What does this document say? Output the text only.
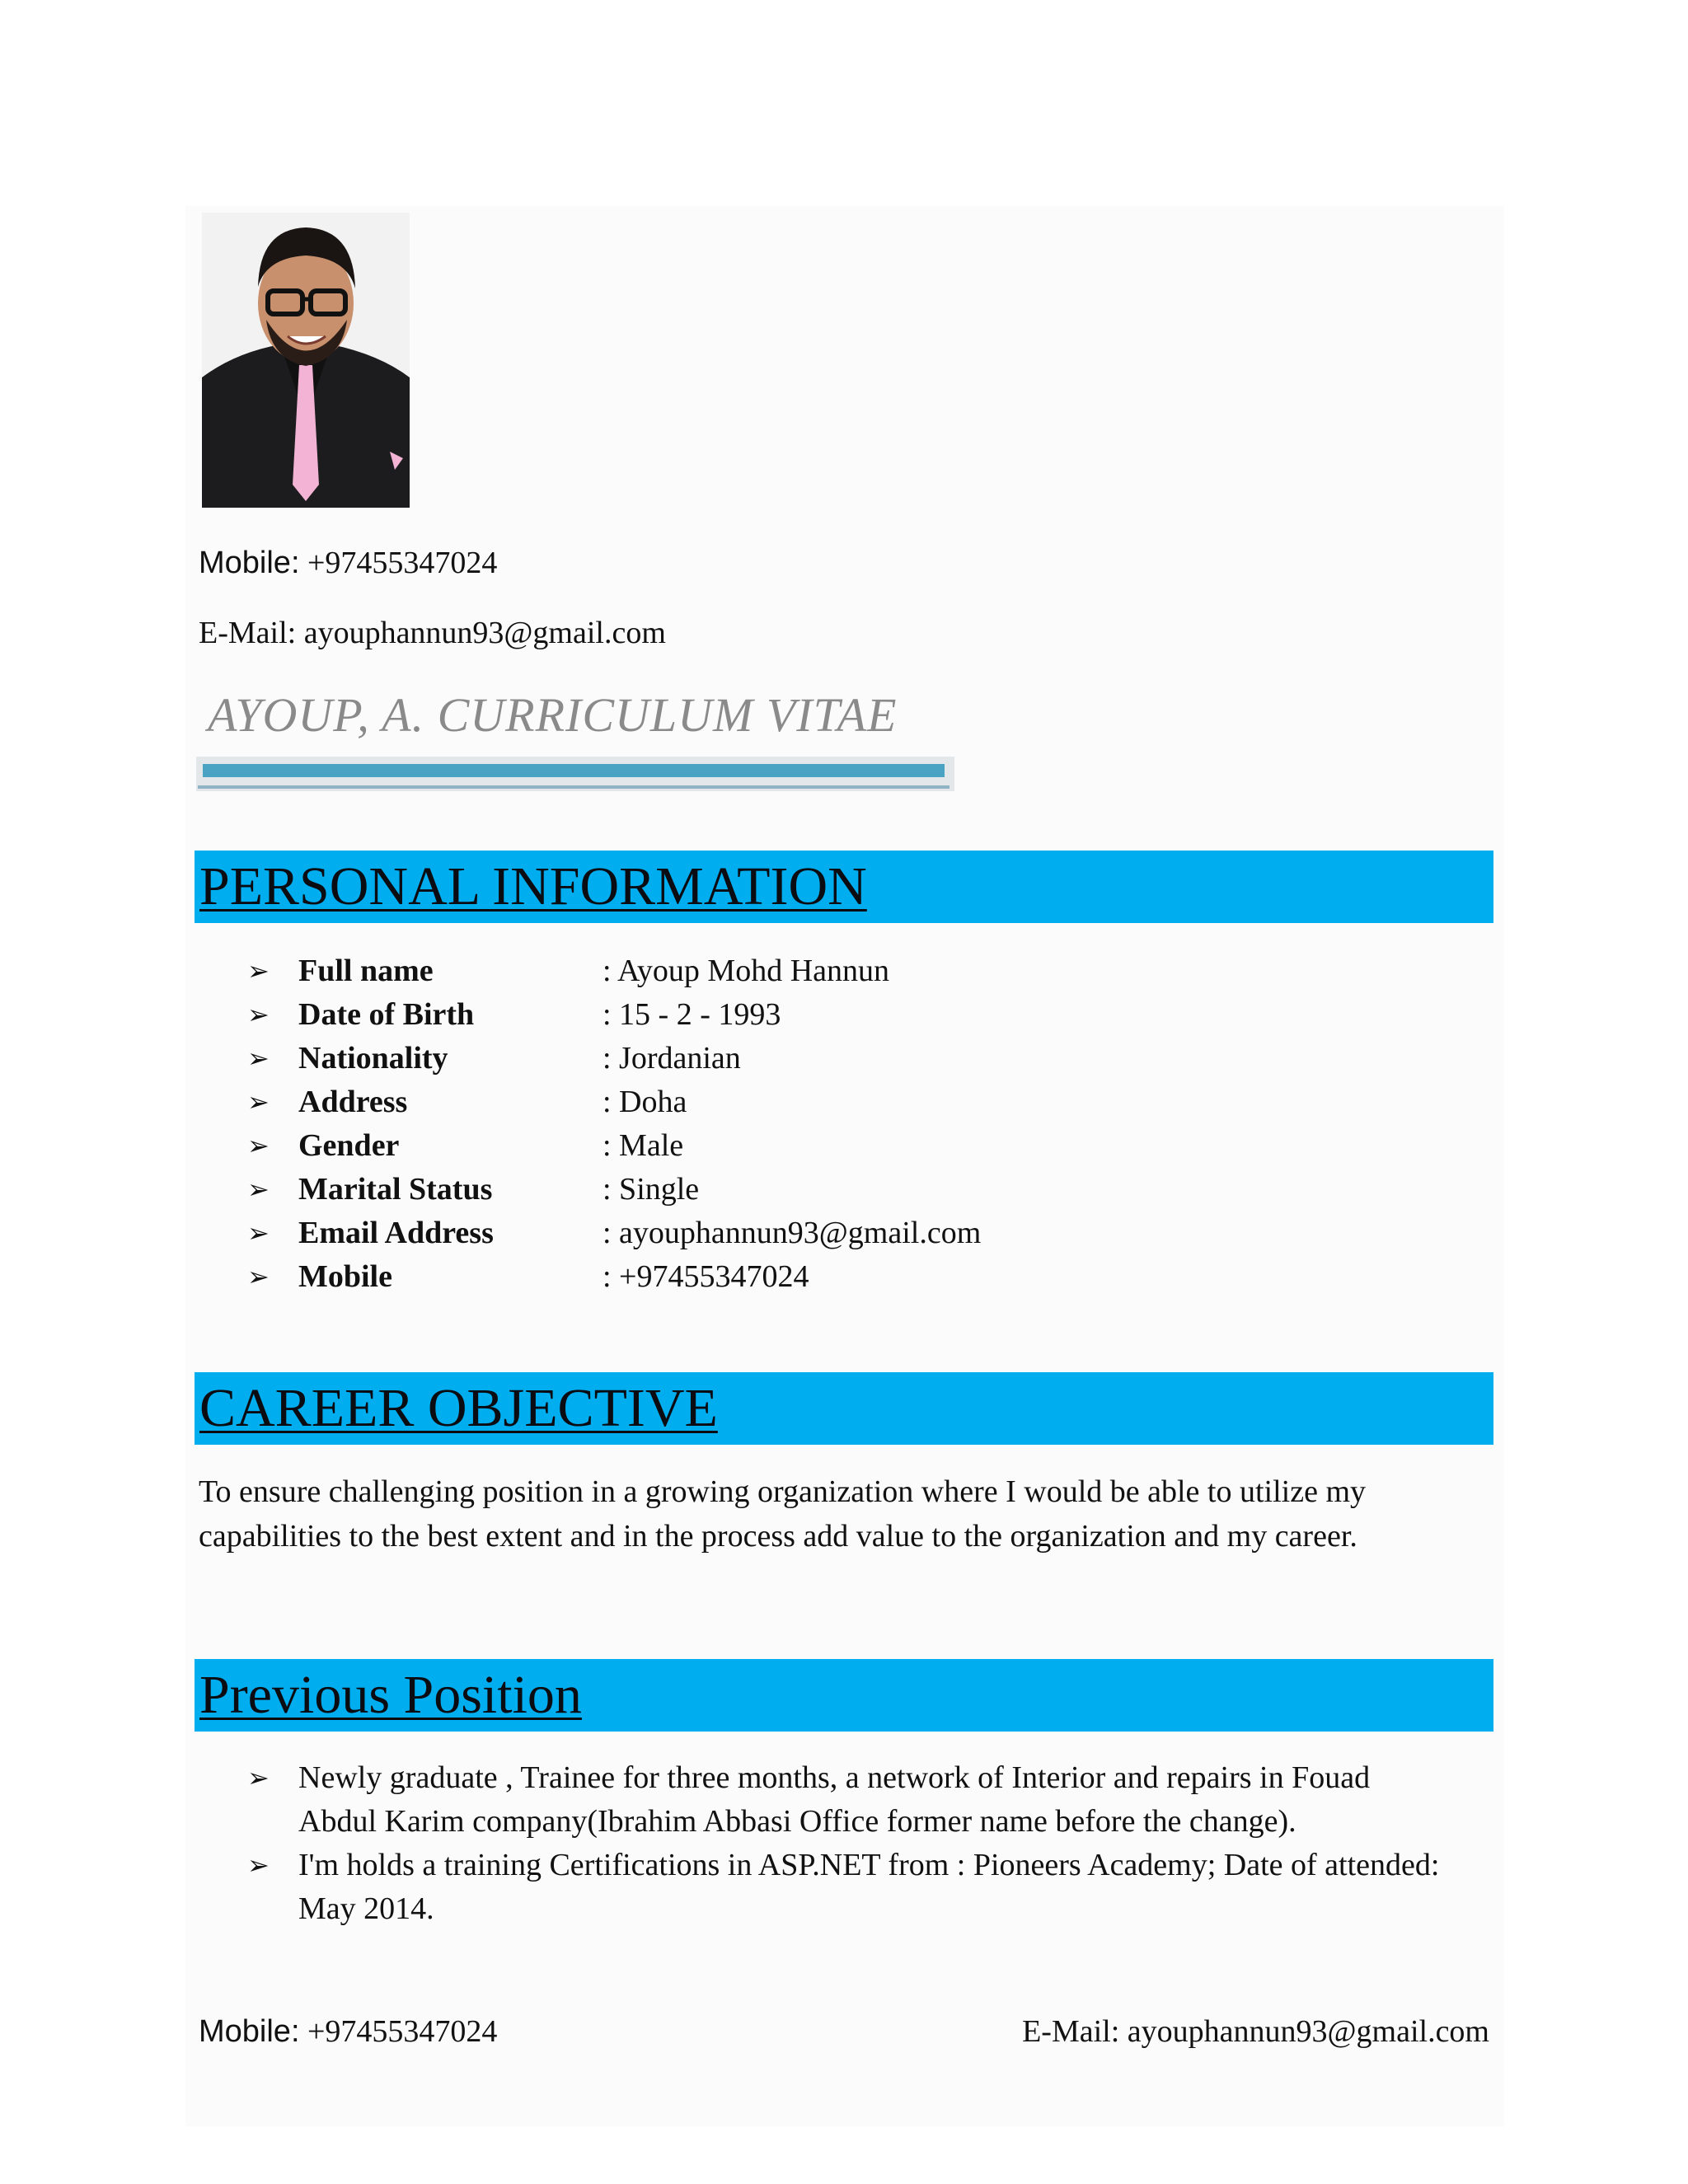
Mobile: +97455347024
E-Mail: ayouphannun93@gmail.com
AYOUP, A. CURRICULUM VITAE
PERSONAL INFORMATION
➢ Full name	: Ayoup Mohd Hannun
➢ Date of Birth	: 15 - 2 - 1993
➢ Nationality	: Jordanian
➢ Address	: Doha
➢ Gender	: Male
➢ Marital Status	: Single
➢ Email Address	: ayouphannun93@gmail.com
➢ Mobile	: +97455347024
CAREER OBJECTIVE
To ensure challenging position in a growing organization where I would be able to utilize my capabilities to the best extent and in the process add value to the organization and my career.
Previous Position
➢ Newly graduate , Trainee for three months, a network of Interior and repairs in Fouad Abdul Karim company(Ibrahim Abbasi Office former name before the change).
➢ I'm holds a training Certifications in ASP.NET from : Pioneers Academy; Date of attended: May 2014.
Mobile: +97455347024	E-Mail: ayouphannun93@gmail.com
